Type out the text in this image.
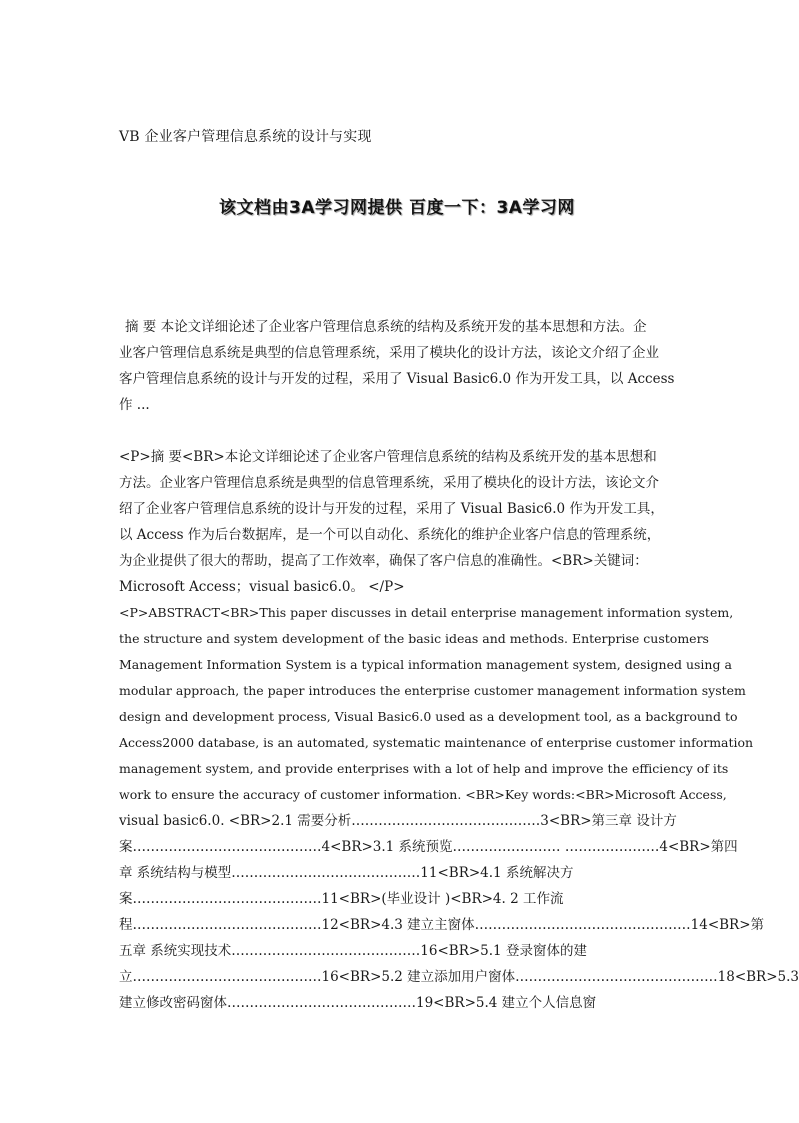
VB 企业客户管理信息系统的设计与实现
该文档由3A学习网提供 百度一下：3A学习网
摘 要 本论文详细论述了企业客户管理信息系统的结构及系统开发的基本思想和方法。企
业客户管理信息系统是典型的信息管理系统，采用了模块化的设计方法，该论文介绍了企业
客户管理信息系统的设计与开发的过程，采用了 Visual Basic6.0 作为开发工具，以 Access
作 ...
<P>摘 要<BR>本论文详细论述了企业客户管理信息系统的结构及系统开发的基本思想和
方法。企业客户管理信息系统是典型的信息管理系统，采用了模块化的设计方法，该论文介
绍了企业客户管理信息系统的设计与开发的过程，采用了 Visual Basic6.0 作为开发工具，
以 Access 作为后台数据库，是一个可以自动化、系统化的维护企业客户信息的管理系统，
为企业提供了很大的帮助，提高了工作效率，确保了客户信息的准确性。<BR>关键词：
Microsoft Access；visual basic6.0。 </P>
<P>ABSTRACT<BR>This paper discusses in detail enterprise management information system,
the structure and system development of the basic ideas and methods. Enterprise customers
Management Information System is a typical information management system, designed using a
modular approach, the paper introduces the enterprise customer management information system
design and development process, Visual Basic6.0 used as a development tool, as a background to
Access2000 database, is an automated, systematic maintenance of enterprise customer information
management system, and provide enterprises with a lot of help and improve the efficiency of its
work to ensure the accuracy of customer information. <BR>Key words:<BR>Microsoft Access,
visual basic6.0. <BR>2.1 需要分析……………………………………3<BR>第三章 设计方
案……………………………………4<BR>3.1 系统预览…………………… …………………4<BR>第四
章 系统结构与模型……………………………………11<BR>4.1 系统解决方
案……………………………………11<BR>(毕业设计 )<BR>4. 2 工作流
程……………………………………12<BR>4.3 建立主窗体…………………………………………14<BR>第
五章 系统实现技术……………………………………16<BR>5.1 登录窗体的建
立……………………………………16<BR>5.2 建立添加用户窗体………………………………………18<BR>5.3
建立修改密码窗体……………………………………19<BR>5.4 建立个人信息窗
